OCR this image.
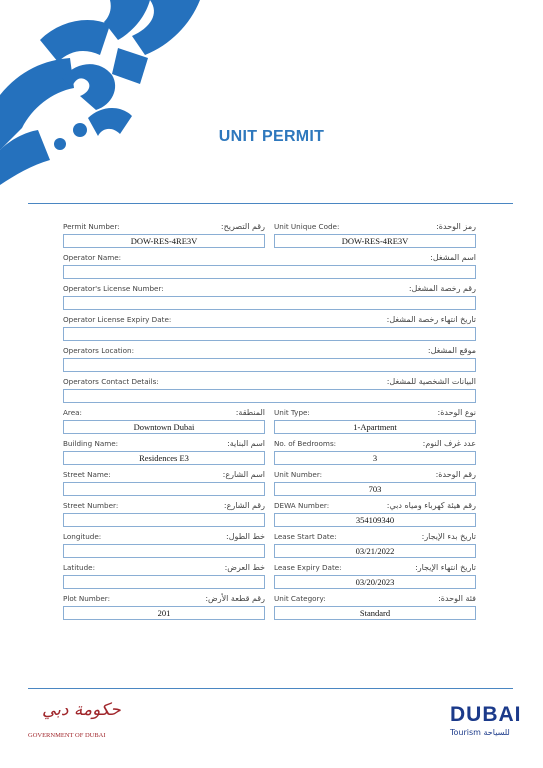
UNIT PERMIT
Permit Number:	رقم التصريح:
DOW-RES-4RE3V
Unit Unique Code:	رمز الوحدة:
DOW-RES-4RE3V
Operator Name:	اسم المشغل:
Operator's License Number:	رقم رخصة المشغل:
Operator License Expiry Date:	تاريخ انتهاء رخصة المشغل:
Operators Location:	موقع المشغل:
Operators Contact Details:	البيانات الشخصية للمشغل:
Area:	المنطقة:
Downtown Dubai
Unit Type:	نوع الوحدة:
1-Apartment
Building Name:	اسم البناية:
Residences E3
No. of Bedrooms:	عدد غرف النوم:
3
Street Name:	اسم الشارع: Unit Number:	رقم الوحدة:
703
Street Number:	رقم الشارع: DEWA Number:	رقم هيئة كهرباء ومياه دبي:
354109340
Longitude:	خط الطول: Lease Start Date:	تاريخ بدء الإيجار:
03/21/2022
Latitude:	خط العرض: Lease Expiry Date:	تاريخ انتهاء الإيجار:
03/20/2023
Plot Number:	رقم قطعة الأرض:
201
Unit Category:	فئة الوحدة:
Standard
حكومة دبي
GOVERNMENT OF DUBAI
DUBAI
Tourism للسياحة
